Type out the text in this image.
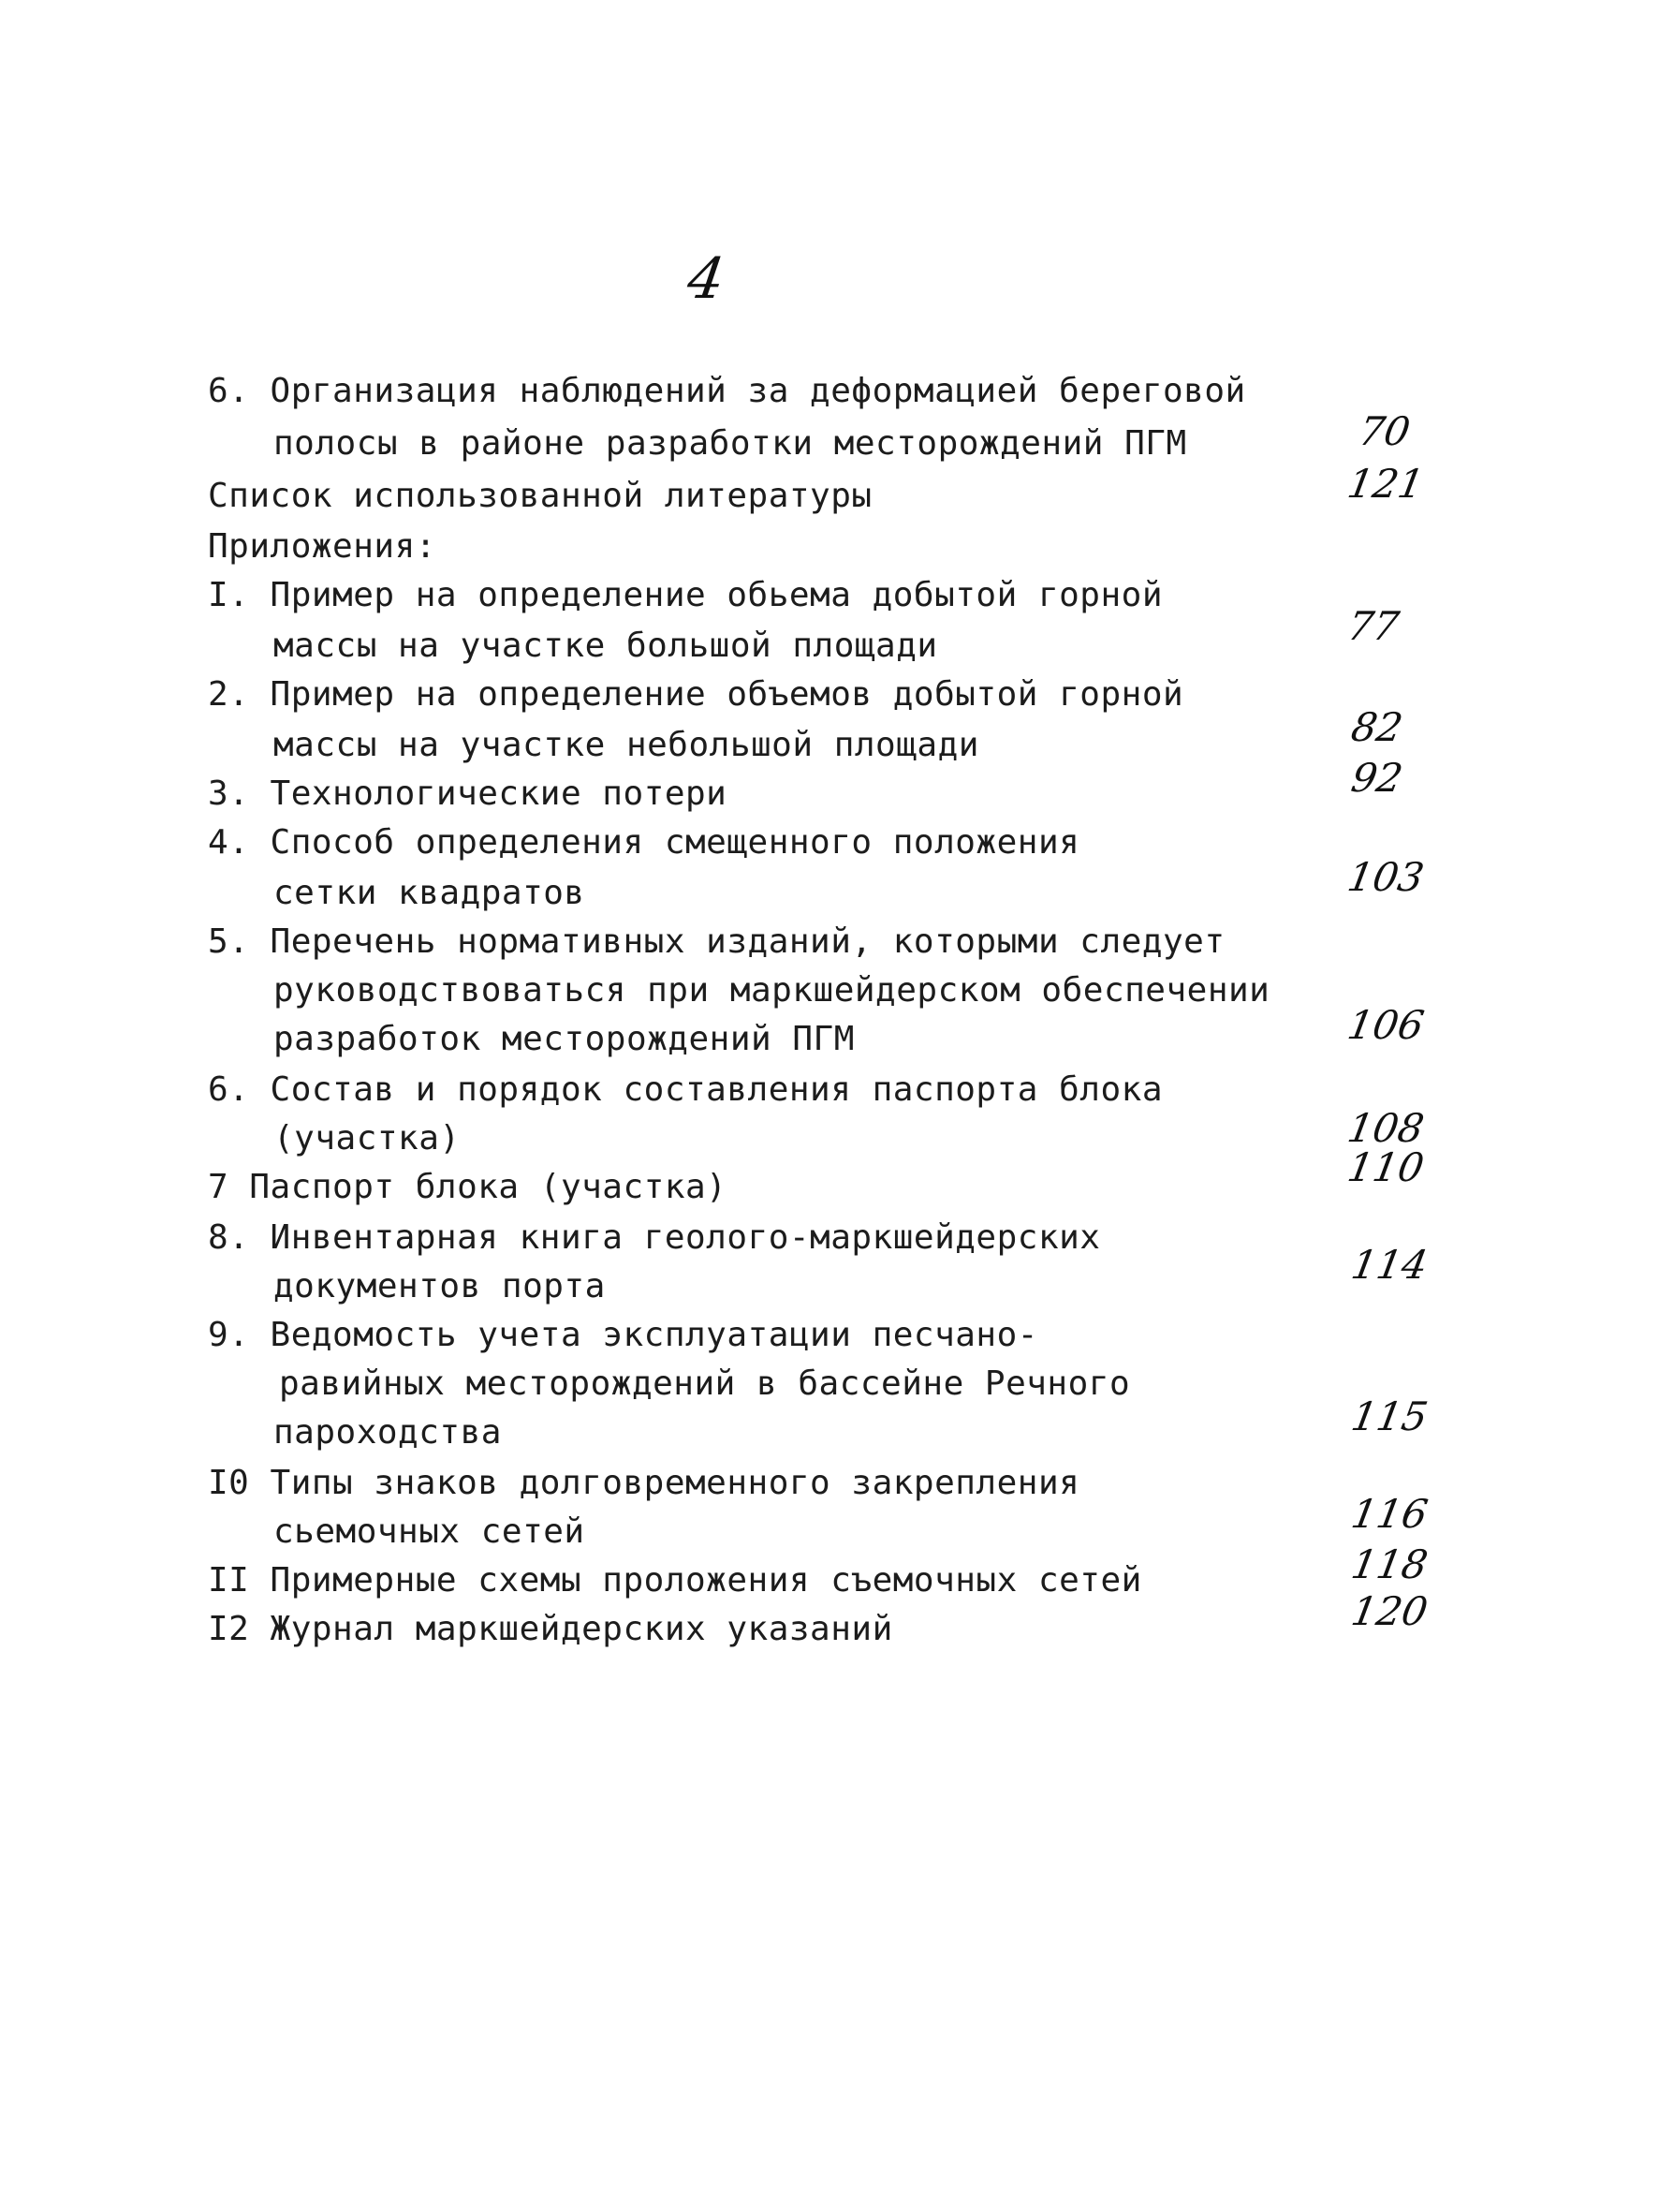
4
6. Организация наблюдений за деформацией береговой
полосы в районе разработки месторождений ПГМ
Список использованной литературы
Приложения:
I. Пример на определение обьема добытой горной
массы на участке большой площади
2. Пример на определение объемов добытой горной
массы на участке небольшой площади
3. Технологические потери
4. Способ определения смещенного положения
сетки квадратов
5. Перечень нормативных изданий, которыми следует
руководствоваться при маркшейдерском обеспечении
разработок месторождений ПГМ
6. Состав и порядок составления паспорта блока
(участка)
7 Паспорт блока (участка)
8. Инвентарная книга геолого-маркшейдерских
документов порта
9. Ведомость учета эксплуатации песчано-
равийных месторождений в бассейне Речного
пароходства
I0 Типы знаков долговременного закрепления
сьемочных сетей
II Примерные схемы проложения съемочных сетей
I2 Журнал маркшейдерских указаний
70
121
77
82
92
103
106
108
110
114
115
116
118
120
